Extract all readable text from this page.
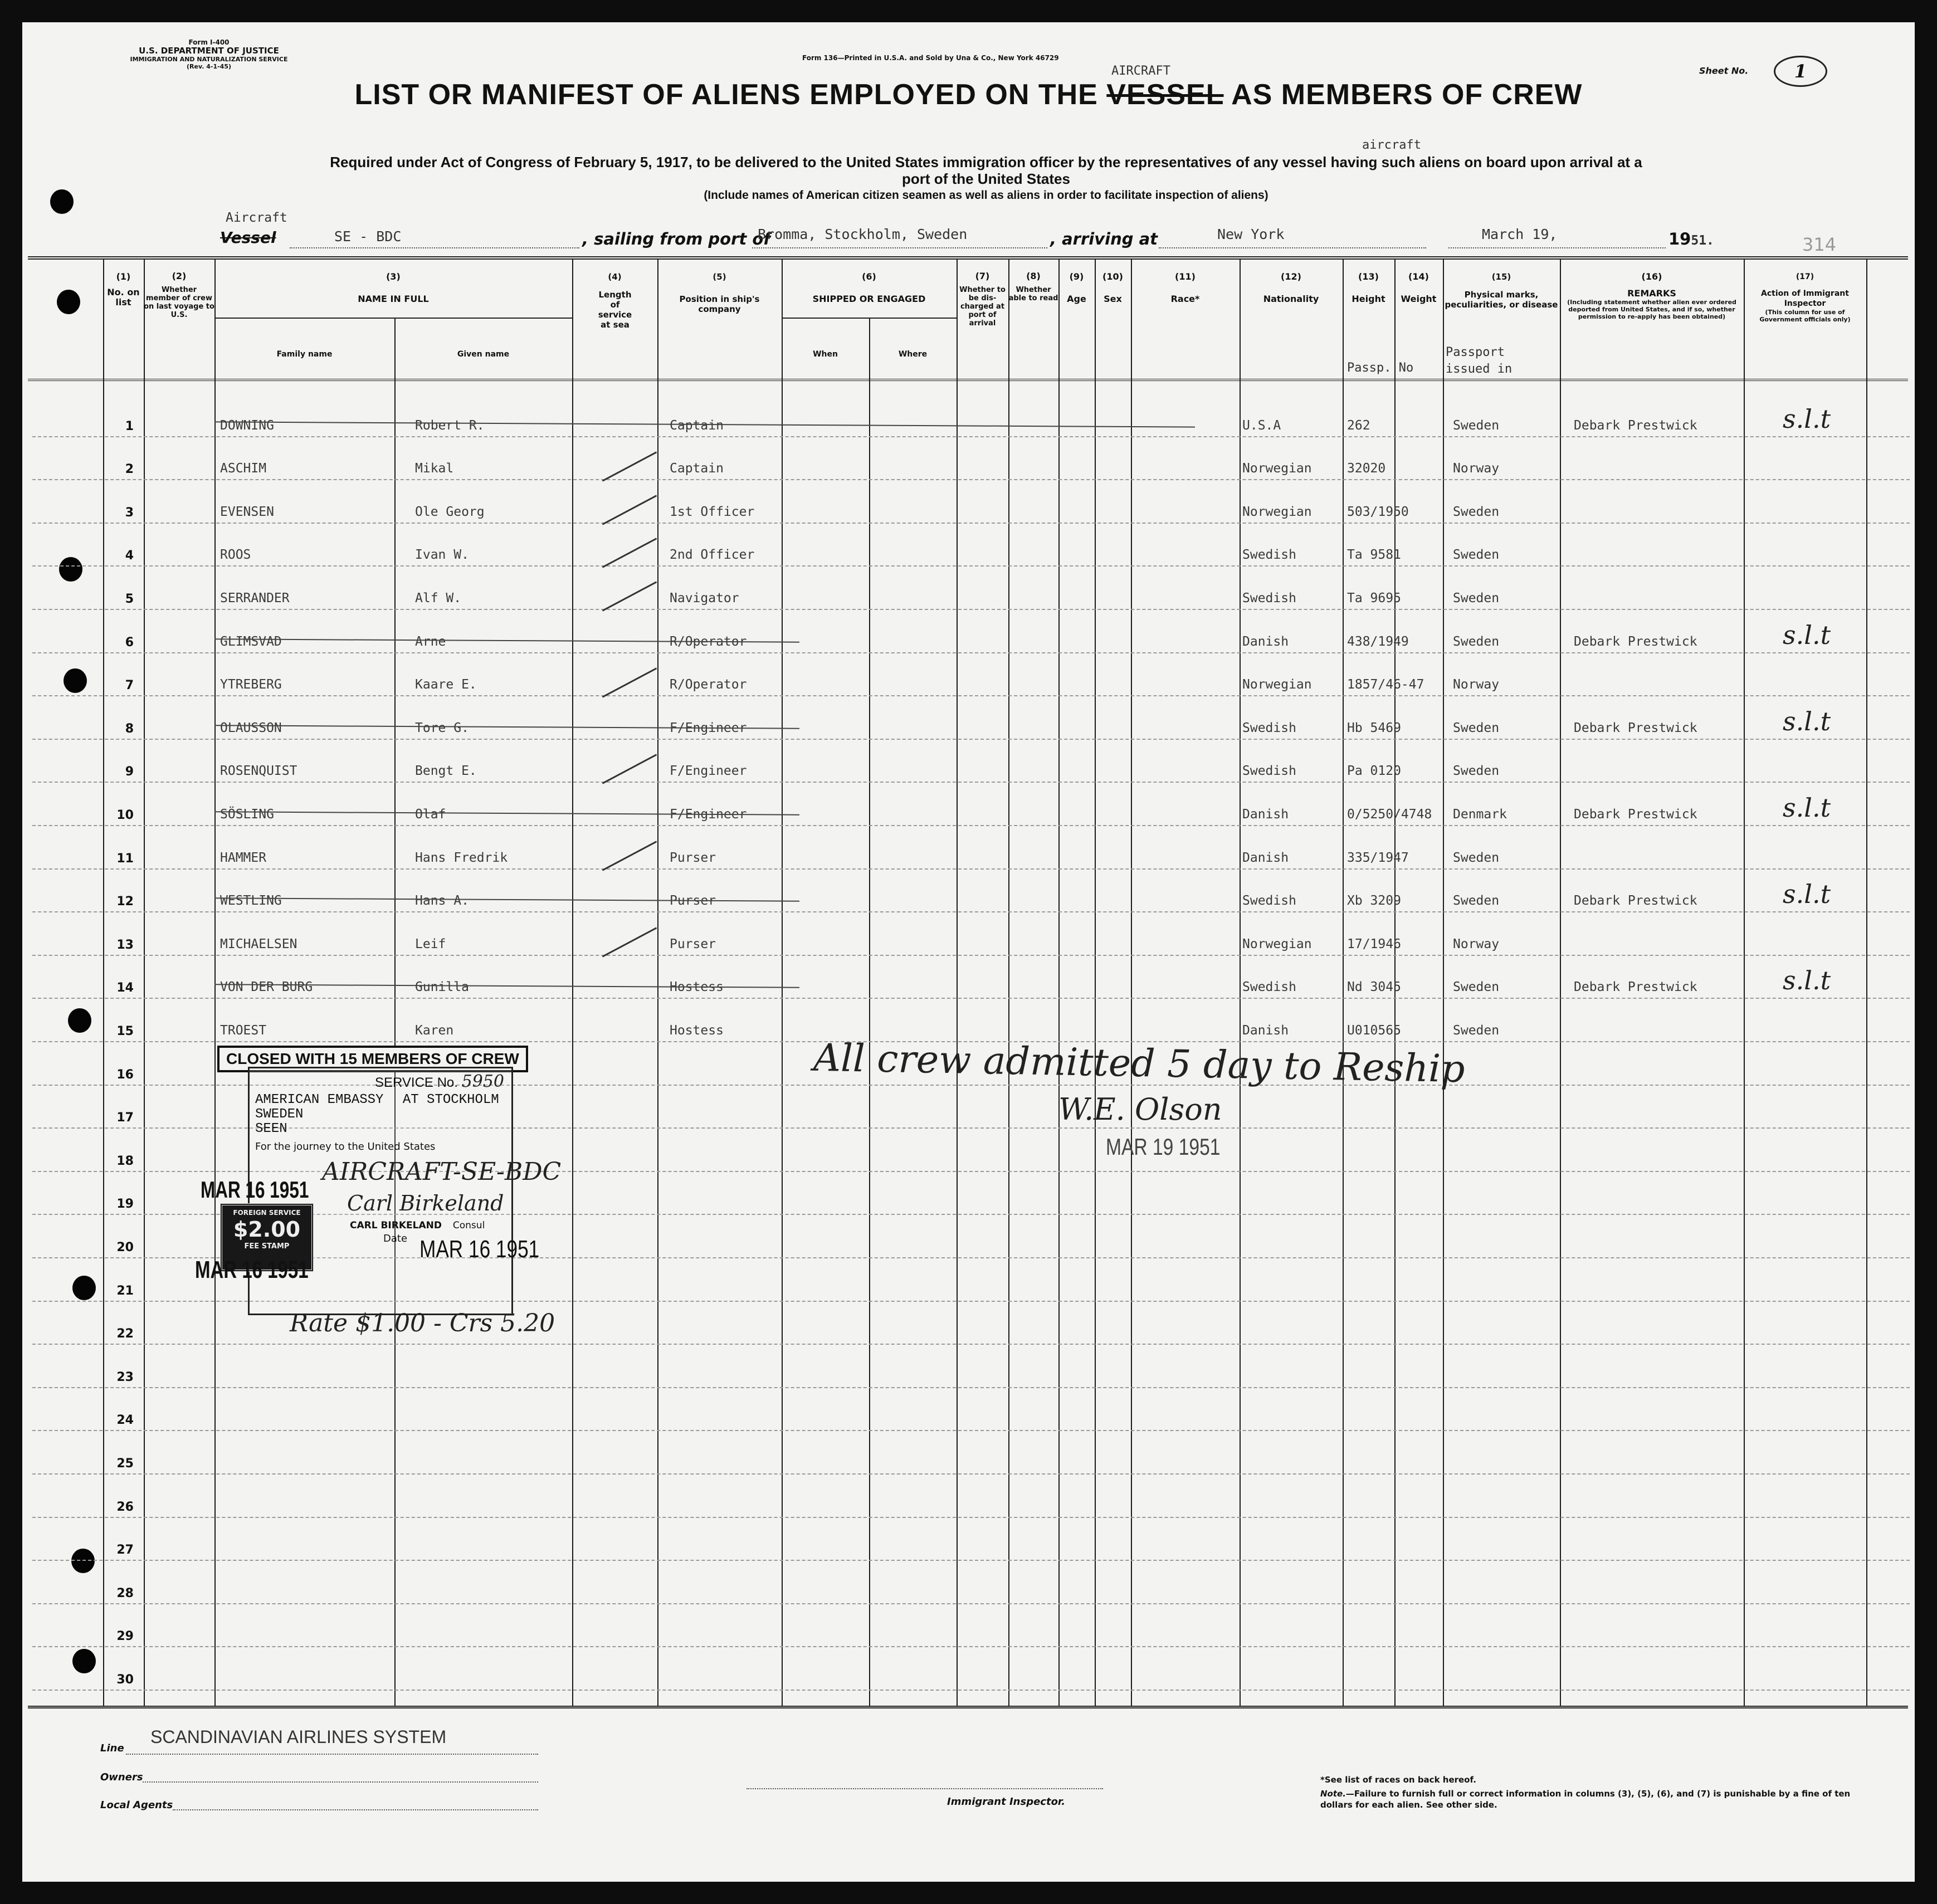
Form I-400
U.S. DEPARTMENT OF JUSTICE
IMMIGRATION AND NATURALIZATION SERVICE
(Rev. 4-1-45)
Form 136—Printed in U.S.A. and Sold by Una & Co., New York 46729
Sheet No.	1
AIRCRAFT
LIST OR MANIFEST OF ALIENS EMPLOYED ON THE VESSEL AS MEMBERS OF CREW
aircraft
Required under Act of Congress of February 5, 1917, to be delivered to the United States immigration officer by the representatives of any vessel having such aliens on board upon arrival at a
port of the United States
(Include names of American citizen seamen as well as aliens in order to facilitate inspection of aliens)
Aircraft
Vessel	SE - BDC	, sailing from port of
Bromma, Stockholm, Sweden	, arriving at	New York	March 19,	1951.	314
(1)
No. on list
(2)
Whether member of crew on last voyage to U.S.
(3)
NAME IN FULL
Family name	Given name
(4)
Length of service at sea
(5)
Position in ship's company
(6)
SHIPPED OR ENGAGED
When	Where
(7)
Whether to be dis-charged at port of arrival
(8)
Whether able to read
(9)
Age
(10)
Sex
(11)
Race*
(12)
Nationality
(13)
Height
(14)
Weight
(15)
Physical marks, peculiarities, or disease
(16)
REMARKS
(Including statement whether alien ever ordered deported from United States, and if so, whether permission to re-apply has been obtained)
(17)
Action of Immigrant Inspector
(This column for use of Government officials only)
Passp. No
Passport issued in
1
2
3
4
5
6
7
8
9
10
11
12
13
14
15
16
17
18
19
20
21
22
23
24
25
26
27
28
29
30
DOWNING	Robert R.	Captain	U.S.A	262	Sweden	Debark Prestwick	s.l.t
ASCHIM	Mikal	Captain	Norwegian	32020	Norway
EVENSEN	Ole Georg	1st Officer	Norwegian	503/1950	Sweden
ROOS	Ivan W.	2nd Officer	Swedish	Ta 9581	Sweden
SERRANDER	Alf W.	Navigator	Swedish	Ta 9695	Sweden
GLIMSVAD	Arne	R/Operator	Danish	438/1949	Sweden	Debark Prestwick	s.l.t
YTREBERG	Kaare E.	R/Operator	Norwegian	1857/46-47 Norway
OLAUSSON	Tore G.	F/Engineer	Swedish	Hb 5469	Sweden	Debark Prestwick	s.l.t
ROSENQUIST	Bengt E.	F/Engineer	Swedish	Pa 0120	Sweden
SÖSLING	Olaf	F/Engineer	Danish	0/5250/4748 Denmark	Debark Prestwick	s.l.t
HAMMER	Hans Fredrik	Purser	Danish	335/1947	Sweden
WESTLING	Hans A.	Purser	Swedish	Xb 3209	Sweden	Debark Prestwick	s.l.t
MICHAELSEN	Leif	Purser	Norwegian	17/1946	Norway
VON DER BURG	Gunilla	Hostess	Swedish	Nd 3045	Sweden	Debark Prestwick	s.l.t
TROEST	Karen	Hostess	Danish	U010565	Sweden
CLOSED WITH 15 MEMBERS OF CREW
SERVICE No. 5950
AMERICAN EMBASSY AT STOCKHOLM
SWEDEN
SEEN
For the journey to the United States
AIRCRAFT-SE-BDC
Carl Birkeland
CARL BIRKELAND Consul
Date MAR 16 1951
Rate $1.00 - Crs 5.20
MAR 16 1951
FOREIGN SERVICE
$2.00
FEE STAMP
MAR 16 1951
All crew admitted 5 day to Reship
W.E. Olson
MAR 19 1951
Line
SCANDINAVIAN AIRLINES SYSTEM
Owners
Local Agents	Immigrant Inspector.
*See list of races on back hereof.
Note.—Failure to furnish full or correct information in columns (3), (5), (6), and (7) is punishable by a fine of ten dollars for each alien. See other side.
